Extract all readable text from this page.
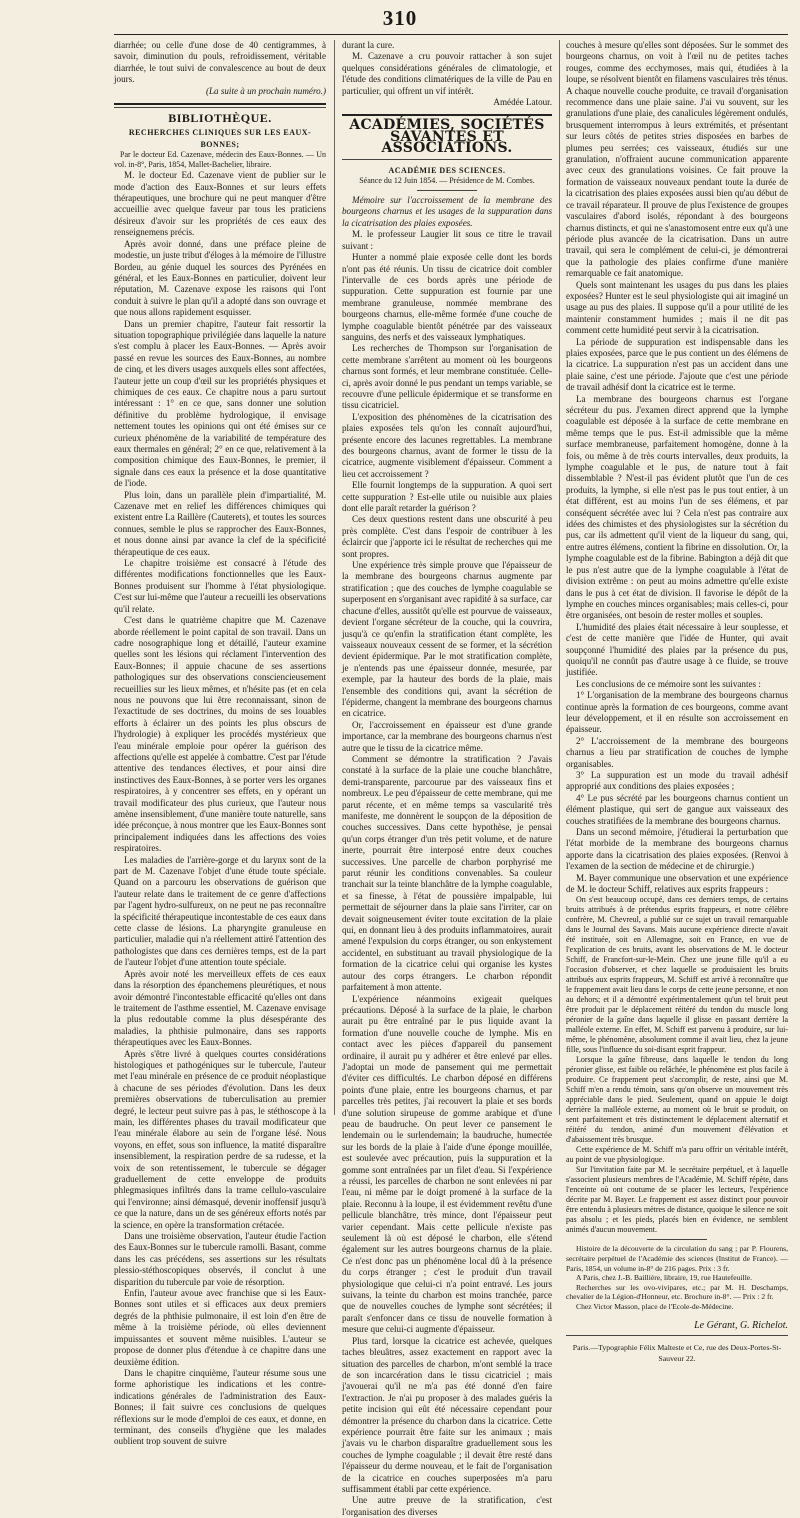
310

diarrhée; ou celle d'une dose de 40 centigrammes, à savoir, diminution du pouls, refroidissement, véritable diarrhée, le tout suivi de convalescence au bout de deux jours.

(La suite à un prochain numéro.)

BIBLIOTHÈQUE.
RECHERCHES CLINIQUES SUR LES EAUX-BONNES;

Par le docteur Ed. Cazenave, médecin des Eaux-Bonnes. — Un vol. in-8°, Paris, 1854, Mallet-Bachelier, libraire.

M. le docteur Ed. Cazenave vient de publier sur le mode d'action des Eaux-Bonnes et sur leurs effets thérapeutiques, une brochure qui ne peut manquer d'être accueillie avec quelque faveur par tous les praticiens désireux d'avoir sur les propriétés de ces eaux des renseignemens précis.

Après avoir donné, dans une préface pleine de modestie, un juste tribut d'éloges à la mémoire de l'illustre Bordeu, au génie duquel les sources des Pyrénées en général, et les Eaux-Bonnes en particulier, doivent leur réputation, M. Cazenave expose les raisons qui l'ont conduit à suivre le plan qu'il a adopté dans son ouvrage et que nous allons rapidement esquisser.

Dans un premier chapitre, l'auteur fait ressortir la situation topographique privilégiée dans laquelle la nature s'est complu à placer les Eaux-Bonnes. — Après avoir passé en revue les sources des Eaux-Bonnes, au nombre de cinq, et les divers usages auxquels elles sont affectées, l'auteur jette un coup d'œil sur les propriétés physiques et chimiques de ces eaux. Ce chapitre nous a paru surtout intéressant : 1° en ce que, sans donner une solution définitive du problème hydrologique, il envisage nettement toutes les opinions qui ont été émises sur ce curieux phénomène de la variabilité de température des eaux thermales en général; 2° en ce que, relativement à la composition chimique des Eaux-Bonnes, le premier, il signale dans ces eaux la présence et la dose quantitative de l'iode.

Plus loin, dans un parallèle plein d'impartialité, M. Cazenave met en relief les différences chimiques qui existent entre La Raillère (Cauterets), et toutes les sources connues, semble le plus se rapprocher des Eaux-Bonnes, et nous donne ainsi par avance la clef de la spécificité thérapeutique de ces eaux.

Le chapitre troisième est consacré à l'étude des différentes modifications fonctionnelles que les Eaux-Bonnes produisent sur l'homme à l'état physiologique. C'est sur lui-même que l'auteur a recueilli les observations qu'il relate.

C'est dans le quatrième chapitre que M. Cazenave aborde réellement le point capital de son travail. Dans un cadre nosographique long et détaillé, l'auteur examine quelles sont les lésions qui réclament l'intervention des Eaux-Bonnes; il appuie chacune de ses assertions pathologiques sur des observations consciencieusement recueillies sur les lieux mêmes, et n'hésite pas (et en cela nous ne pouvons que lui être reconnaissant, sinon de l'exactitude de ses doctrines, du moins de ses louables efforts à éclairer un des points les plus obscurs de l'hydrologie) à expliquer les procédés mystérieux que l'eau minérale emploie pour opérer la guérison des affections qu'elle est appelée à combattre. C'est par l'étude attentive des tendances électives, et pour ainsi dire instinctives des Eaux-Bonnes, à se porter vers les organes respiratoires, à y concentrer ses effets, en y opérant un travail modificateur des plus curieux, que l'auteur nous amène insensiblement, d'une manière toute naturelle, sans idée préconçue, à nous montrer que les Eaux-Bonnes sont principalement indiquées dans les affections des voies respiratoires.

Les maladies de l'arrière-gorge et du larynx sont de la part de M. Cazenave l'objet d'une étude toute spéciale. Quand on a parcouru les observations de guérison que l'auteur relate dans le traitement de ce genre d'affections par l'agent hydro-sulfureux, on ne peut ne pas reconnaître la spécificité thérapeutique incontestable de ces eaux dans cette classe de lésions. La pharyngite granuleuse en particulier, maladie qui n'a réellement attiré l'attention des pathologistes que dans ces dernières temps, est de la part de l'auteur l'objet d'une attention toute spéciale.

Après avoir noté les merveilleux effets de ces eaux dans la résorption des épanchemens pleurétiques, et nous avoir démontré l'incontestable efficacité qu'elles ont dans le traitement de l'asthme essentiel, M. Cazenave envisage la plus redoutable comme la plus désespérante des maladies, la phthisie pulmonaire, dans ses rapports thérapeutiques avec les Eaux-Bonnes.

Après s'être livré à quelques courtes considérations histologiques et pathogéniques sur le tubercule, l'auteur met l'eau minérale en présence de ce produit néoplastique à chacune de ses périodes d'évolution. Dans les deux premières observations de tuberculisation au premier degré, le lecteur peut suivre pas à pas, le stéthoscope à la main, les différentes phases du travail modificateur que l'eau minérale élabore au sein de l'organe lésé. Nous voyons, en effet, sous son influence, la matité disparaître insensiblement, la respiration perdre de sa rudesse, et la voix de son retentissement, le tubercule se dégager graduellement de cette enveloppe de produits phlegmasiques infiltrés dans la trame cellulo-vasculaire qui l'environne; ainsi démasqué, devenir inoffensif jusqu'à ce que la nature, dans un de ses généreux efforts notés par la science, en opère la transformation crétacée.

Dans une troisième observation, l'auteur étudie l'action des Eaux-Bonnes sur le tubercule ramolli. Basant, comme dans les cas précédens, ses assertions sur les résultats plessio-stéthoscopiques observés, il conclut à une disparition du tubercule par voie de résorption.

Enfin, l'auteur avoue avec franchise que si les Eaux-Bonnes sont utiles et si efficaces aux deux premiers degrés de la phthisie pulmonaire, il est loin d'en être de même à la troisième période, où elles deviennent impuissantes et souvent même nuisibles. L'auteur se propose de donner plus d'étendue à ce chapitre dans une deuxième édition.

Dans le chapitre cinquième, l'auteur résume sous une forme aphoristique les indications et les contre-indications générales de l'administration des Eaux-Bonnes; il fait suivre ces conclusions de quelques réflexions sur le mode d'emploi de ces eaux, et donne, en terminant, des conseils d'hygiène que les malades oublient trop souvent de suivre

durant la cure.

M. Cazenave a cru pouvoir rattacher à son sujet quelques considérations générales de climatologie, et l'étude des conditions climatériques de la ville de Pau en particulier, qui offrent un vif intérêt.

Amédée Latour.

ACADÉMIES, SOCIÉTÉS SAVANTES ET ASSOCIATIONS.
ACADÉMIE DES SCIENCES.

Séance du 12 Juin 1854. — Présidence de M. Combes.

Mémoire sur l'accroissement de la membrane des bourgeons charnus et les usages de la suppuration dans la cicatrisation des plaies exposées.

M. le professeur Laugier lit sous ce titre le travail suivant :

Hunter a nommé plaie exposée celle dont les bords n'ont pas été réunis. Un tissu de cicatrice doit combler l'intervalle de ces bords après une période de suppuration. Cette suppuration est fournie par une membrane granuleuse, nommée membrane des bourgeons charnus, elle-même formée d'une couche de lymphe coagulable bientôt pénétrée par des vaisseaux sanguins, des nerfs et des vaisseaux lymphatiques.

Les recherches de Thompson sur l'organisation de cette membrane s'arrêtent au moment où les bourgeons charnus sont formés, et leur membrane constituée. Celle-ci, après avoir donné le pus pendant un temps variable, se recouvre d'une pellicule épidermique et se transforme en tissu cicatriciel.

L'exposition des phénomènes de la cicatrisation des plaies exposées tels qu'on les connaît aujourd'hui, présente encore des lacunes regrettables. La membrane des bourgeons charnus, avant de former le tissu de la cicatrice, augmente visiblement d'épaisseur. Comment a lieu cet accroissement ?

Elle fournit longtemps de la suppuration. A quoi sert cette suppuration ? Est-elle utile ou nuisible aux plaies dont elle paraît retarder la guérison ?

Ces deux questions restent dans une obscurité à peu près complète. C'est dans l'espoir de contribuer à les éclaircir que j'apporte ici le résultat de recherches qui me sont propres.

Une expérience très simple prouve que l'épaisseur de la membrane des bourgeons charnus augmente par stratification ; que des couches de lymphe coagulable se superposent en s'organisant avec rapidité à sa surface, car chacune d'elles, aussitôt qu'elle est pourvue de vaisseaux, devient l'organe sécréteur de la couche, qui la couvrira, jusqu'à ce qu'enfin la stratification étant complète, les vaisseaux nouveaux cessent de se former, et la sécrétion devient épidermique. Par le mot stratification complète, je n'entends pas une épaisseur donnée, mesurée, par exemple, par la hauteur des bords de la plaie, mais l'ensemble des conditions qui, avant la sécrétion de l'épiderme, changent la membrane des bourgeons charnus en cicatrice.

Or, l'accroissement en épaisseur est d'une grande importance, car la membrane des bourgeons charnus n'est autre que le tissu de la cicatrice même.

Comment se démontre la stratification ? J'avais constaté à la surface de la plaie une couche blanchâtre, demi-transparente, parcourue par des vaisseaux fins et nombreux. Le peu d'épaisseur de cette membrane, qui me parut récente, et en même temps sa vascularité très manifeste, me donnèrent le soupçon de la déposition de couches successives. Dans cette hypothèse, je pensai qu'un corps étranger d'un très petit volume, et de nature inerte, pourrait être interposé entre deux couches successives. Une parcelle de charbon porphyrisé me parut réunir les conditions convenables. Sa couleur tranchait sur la teinte blanchâtre de la lymphe coagulable, et sa finesse, à l'état de poussière impalpable, lui permettait de séjourner dans la plaie sans l'irriter, car on devait soigneusement éviter toute excitation de la plaie qui, en donnant lieu à des produits inflammatoires, aurait amené l'expulsion du corps étranger, ou son enkystement accidentel, en substituant au travail physiologique de la formation de la cicatrice celui qui organise les kystes autour des corps étrangers. Le charbon répondit parfaitement à mon attente.

L'expérience néanmoins exigeait quelques précautions. Déposé à la surface de la plaie, le charbon aurait pu être entraîné par le pus liquide avant la formation d'une nouvelle couche de lymphe. Mis en contact avec les pièces d'appareil du pansement ordinaire, il aurait pu y adhérer et être enlevé par elles. J'adoptai un mode de pansement qui me permettait d'éviter ces difficultés. Le charbon déposé en différens points d'une plaie, entre les bourgeons charnus, et par parcelles très petites, j'ai recouvert la plaie et ses bords d'une solution sirupeuse de gomme arabique et d'une peau de baudruche. On peut lever ce pansement le lendemain ou le surlendemain; la baudruche, humectée sur les bords de la plaie à l'aide d'une éponge mouillée, est soulevée avec précaution, puis la suppuration et la gomme sont entraînées par un filet d'eau. Si l'expérience a réussi, les parcelles de charbon ne sont enlevées ni par l'eau, ni même par le doigt promené à la surface de la plaie. Reconnu à la loupe, il est évidemment revêtu d'une pellicule blanchâtre, très mince, dont l'épaisseur peut varier cependant. Mais cette pellicule n'existe pas seulement là où est déposé le charbon, elle s'étend également sur les autres bourgeons charnus de la plaie. Ce n'est donc pas un phénomène local dû à la présence du corps étranger ; c'est le produit d'un travail physiologique que celui-ci n'a point entravé. Les jours suivans, la teinte du charbon est moins tranchée, parce que de nouvelles couches de lymphe sont sécrétées; il paraît s'enfoncer dans ce tissu de nouvelle formation à mesure que celui-ci augmente d'épaisseur.

Plus tard, lorsque la cicatrice est achevée, quelques taches bleuâtres, assez exactement en rapport avec la situation des parcelles de charbon, m'ont semblé la trace de son incarcération dans le tissu cicatriciel ; mais j'avouerai qu'il ne m'a pas été donné d'en faire l'extraction. Je n'ai pu proposer à des malades guéris la petite incision qui eût été nécessaire cependant pour démontrer la présence du charbon dans la cicatrice. Cette expérience pourrait être faite sur les animaux ; mais j'avais vu le charbon disparaître graduellement sous les couches de lymphe coagulable ; il devait être resté dans l'épaisseur du derme nouveau, et le fait de l'organisation de la cicatrice en couches superposées m'a paru suffisamment établi par cette expérience.

Une autre preuve de la stratification, c'est l'organisation des diverses

couches à mesure qu'elles sont déposées. Sur le sommet des bourgeons charnus, on voit à l'œil nu de petites taches rouges, comme des ecchymoses, mais qui, étudiées à la loupe, se résolvent bientôt en filamens vasculaires très ténus. A chaque nouvelle couche produite, ce travail d'organisation recommence dans une plaie saine. J'ai vu souvent, sur les granulations d'une plaie, des canalicules légèrement ondulés, brusquement interrompus à leurs extrémités, et présentant sur leurs côtés de petites stries disposées en barbes de plumes peu serrées; ces vaisseaux, étudiés sur une granulation, n'offraient aucune communication apparente avec ceux des granulations voisines. Ce fait prouve la formation de vaisseaux nouveaux pendant toute la durée de la cicatrisation des plaies exposées aussi bien qu'au début de ce travail réparateur. Il prouve de plus l'existence de groupes vasculaires d'abord isolés, répondant à des bourgeons charnus distincts, et qui ne s'anastomosent entre eux qu'à une période plus avancée de la cicatrisation. Dans un autre travail, qui sera le complément de celui-ci, je démontrerai que la pathologie des plaies confirme d'une manière remarquable ce fait anatomique.

Quels sont maintenant les usages du pus dans les plaies exposées? Hunter est le seul physiologiste qui ait imaginé un usage au pus des plaies. Il suppose qu'il a pour utilité de les maintenir constamment humides ; mais il ne dit pas comment cette humidité peut servir à la cicatrisation.

La période de suppuration est indispensable dans les plaies exposées, parce que le pus contient un des élémens de la cicatrice. La suppuration n'est pas un accident dans une plaie saine, c'est une période. J'ajoute que c'est une période de travail adhésif dont la cicatrice est le terme.

La membrane des bourgeons charnus est l'organe sécréteur du pus. J'examen direct apprend que la lymphe coagulable est déposée à la surface de cette membrane en même temps que le pus. Est-il admissible que la même surface membraneuse, parfaitement homogène, donne à la fois, ou même à de très courts intervalles, deux produits, la lymphe coagulable et le pus, de nature tout à fait dissemblable ? N'est-il pas évident plutôt que l'un de ces produits, la lymphe, si elle n'est pas le pus tout entier, à un état différent, est au moins l'un de ses élémens, et par conséquent sécrétée avec lui ? Cela n'est pas contraire aux idées des chimistes et des physiologistes sur la sécrétion du pus, car ils admettent qu'il vient de la liqueur du sang, qui, entre autres élémens, contient la fibrine en dissolution. Or, la lymphe coagulable est de la fibrine. Babington a déjà dit que le pus n'est autre que de la lymphe coagulable à l'état de division extrême : on peut au moins admettre qu'elle existe dans le pus à cet état de division. Il favorise le dépôt de la lymphe en couches minces organisables; mais celles-ci, pour être organisées, ont besoin de rester molles et souples.

L'humidité des plaies était nécessaire à leur souplesse, et c'est de cette manière que l'idée de Hunter, qui avait soupçonné l'humidité des plaies par la présence du pus, quoiqu'il ne connût pas d'autre usage à ce fluide, se trouve justifiée.

Les conclusions de ce mémoire sont les suivantes :

1° L'organisation de la membrane des bourgeons charnus continue après la formation de ces bourgeons, comme avant leur développement, et il en résulte son accroissement en épaisseur.

2° L'accroissement de la membrane des bourgeons charnus a lieu par stratification de couches de lymphe organisables.

3° La suppuration est un mode du travail adhésif approprié aux conditions des plaies exposées ;

4° Le pus sécrété par les bourgeons charnus contient un élément plastique, qui sert de gangue aux vaisseaux des couches stratifiées de la membrane des bourgeons charnus.

Dans un second mémoire, j'étudierai la perturbation que l'état morbide de la membrane des bourgeons charnus apporte dans la cicatrisation des plaies exposées. (Renvoi à l'examen de la section de médecine et de chirurgie.)

M. Bayer communique une observation et une expérience de M. le docteur Schiff, relatives aux esprits frappeurs :

On s'est beaucoup occupé, dans ces derniers temps, de certains bruits attribués à de prétendus esprits frappeurs, et notre célèbre confrère, M. Chevreul, a publié sur ce sujet un travail remarquable dans le Journal des Savans. Mais aucune expérience directe n'avait été instituée, soit en Allemagne, soit en France, en vue de l'explication de ces bruits, avant les observations de M. le docteur Schiff, de Francfort-sur-le-Mein. Chez une jeune fille qu'il a eu l'occasion d'observer, et chez laquelle se produisaient les bruits attribués aux esprits frappeurs, M. Schiff est arrivé à reconnaître que le frappement avait lieu dans le corps de cette jeune personne, et non au dehors; et il a démontré expérimentalement qu'un tel bruit peut être produit par le déplacement réitéré du tendon du muscle long péronier de la gaîne dans laquelle il glisse en passant derrière la malléole externe. En effet, M. Schiff est parvenu à produire, sur lui-même, le phénomène, absolument comme il avait lieu, chez la jeune fille, sous l'influence du soi-disant esprit frappeur.

Lorsque la gaîne fibreuse, dans laquelle le tendon du long péronier glisse, est faible ou relâchée, le phénomène est plus facile à produire. Ce frappement peut s'accomplir, de reste, ainsi que M. Schiff m'en a rendu témoin, sans qu'on observe un mouvement très appréciable dans le pied. Seulement, quand on appuie le doigt derrière la malléole externe, au moment où le bruit se produit, on sent parfaitement et très distinctement le déplacement alternatif et réitéré du tendon, animé d'un mouvement d'élévation et d'abaissement très brusque.

Cette expérience de M. Schiff m'a paru offrir un véritable intérêt, au point de vue physiologique.

Sur l'invitation faite par M. le secrétaire perpétuel, et à laquelle s'associent plusieurs membres de l'Académie, M. Schiff répète, dans l'enceinte où ont coutume de se placer les lecteurs, l'expérience décrite par M. Bayer. Le frappement est assez distinct pour pouvoir être entendu à plusieurs mètres de distance, quoique le silence ne soit pas absolu ; et les pieds, placés bien en évidence, ne semblent animés d'aucun mouvement.

Histoire de la découverte de la circulation du sang ; par P. Flourens, secrétaire perpétuel de l'Académie des sciences (Institut de France). — Paris, 1854, un volume in-8° de 216 pages. Prix : 3 fr.

A Paris, chez J.-B. Baillière, libraire, 19, rue Hautefeuille.

Recherches sur les ovo-vivipares, etc.; par M. H. Deschamps, chevalier de la Légion-d'Honneur, etc. Brochure in-8°. — Prix : 2 fr.

Chez Victor Masson, place de l'Ecole-de-Médecine.

Le Gérant, G. Richelot.
Paris.—Typographie Félix Malteste et Ce, rue des Deux-Portes-St-Sauveur 22.
